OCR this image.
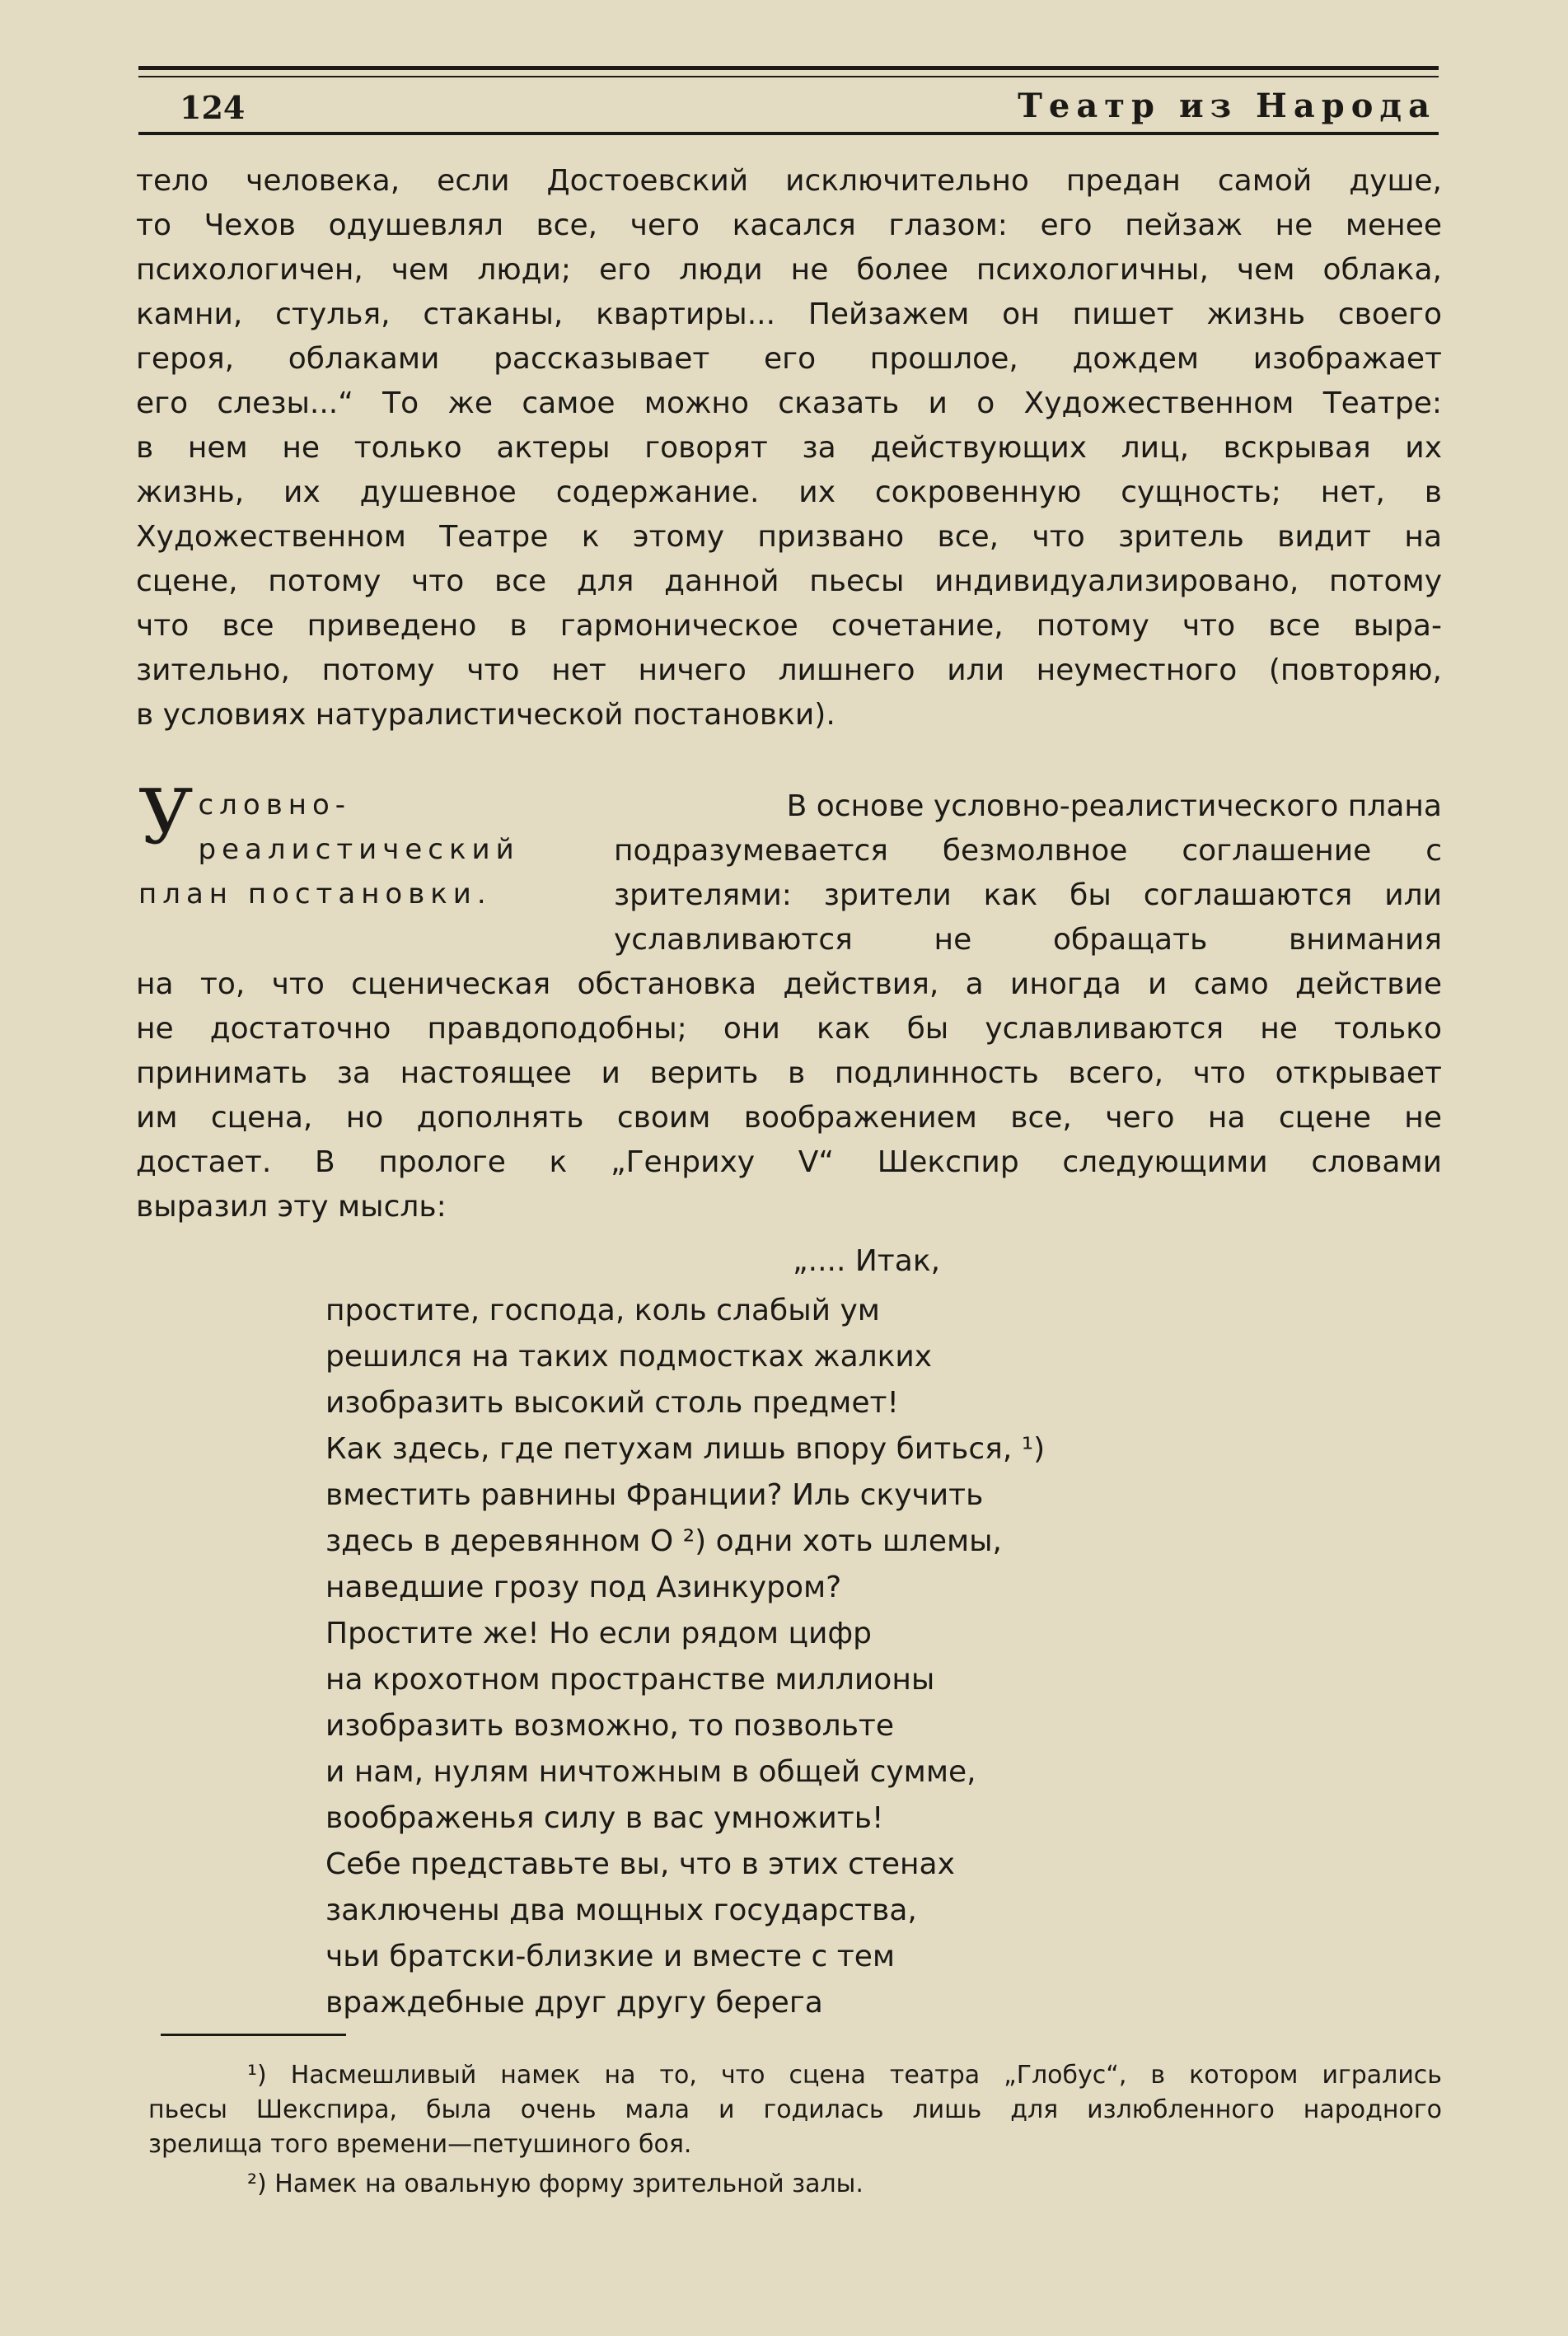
124	Театр из Народа
тело человека, если Достоевский исключительно предан самой душе,
то Чехов одушевлял все, чего касался глазом: его пейзаж не менее
психологичен, чем люди; его люди не более психологичны, чем облака,
камни, стулья, стаканы, квартиры... Пейзажем он пишет жизнь своего
героя, облаками рассказывает его прошлое, дождем изображает
его слезы...“ То же самое можно сказать и о Художественном Театре:
в нем не только актеры говорят за действующих лиц, вскрывая их
жизнь, их душевное содержание. их сокровенную сущность; нет, в
Художественном Театре к этому призвано все, что зритель видит на
сцене, потому что все для данной пьесы индивидуализировано, потому
что все приведено в гармоническое сочетание, потому что все выра-
зительно, потому что нет ничего лишнего или неуместного (повторяю,
в условиях натуралистической постановки).
Условно-реалистический план постановки.
В основе условно-реалистического плана
подразумевается безмолвное соглашение с
зрителями: зрители как бы соглашаются или
уславливаются не обращать внимания
на то, что сценическая обстановка действия, а иногда и само действие
не достаточно правдоподобны; они как бы уславливаются не только
принимать за настоящее и верить в подлинность всего, что открывает
им сцена, но дополнять своим воображением все, чего на сцене не
достает. В прологе к „Генриху V“ Шекспир следующими словами
выразил эту мысль:
„.... Итак,
простите, господа, коль слабый ум
решился на таких подмостках жалких
изобразить высокий столь предмет!
Как здесь, где петухам лишь впору биться, ¹)
вместить равнины Франции? Иль скучить
здесь в деревянном О ²) одни хоть шлемы,
наведшие грозу под Азинкуром?
Простите же! Но если рядом цифр
на крохотном пространстве миллионы
изобразить возможно, то позвольте
и нам, нулям ничтожным в общей сумме,
воображенья силу в вас умножить!
Себе представьте вы, что в этих стенах
заключены два мощных государства,
чьи братски-близкие и вместе с тем
враждебные друг другу берега
¹) Насмешливый намек на то, что сцена театра „Глобус“, в котором игрались
пьесы Шекспира, была очень мала и годилась лишь для излюбленного народного
зрелища того времени—петушиного боя.
²) Намек на овальную форму зрительной залы.
